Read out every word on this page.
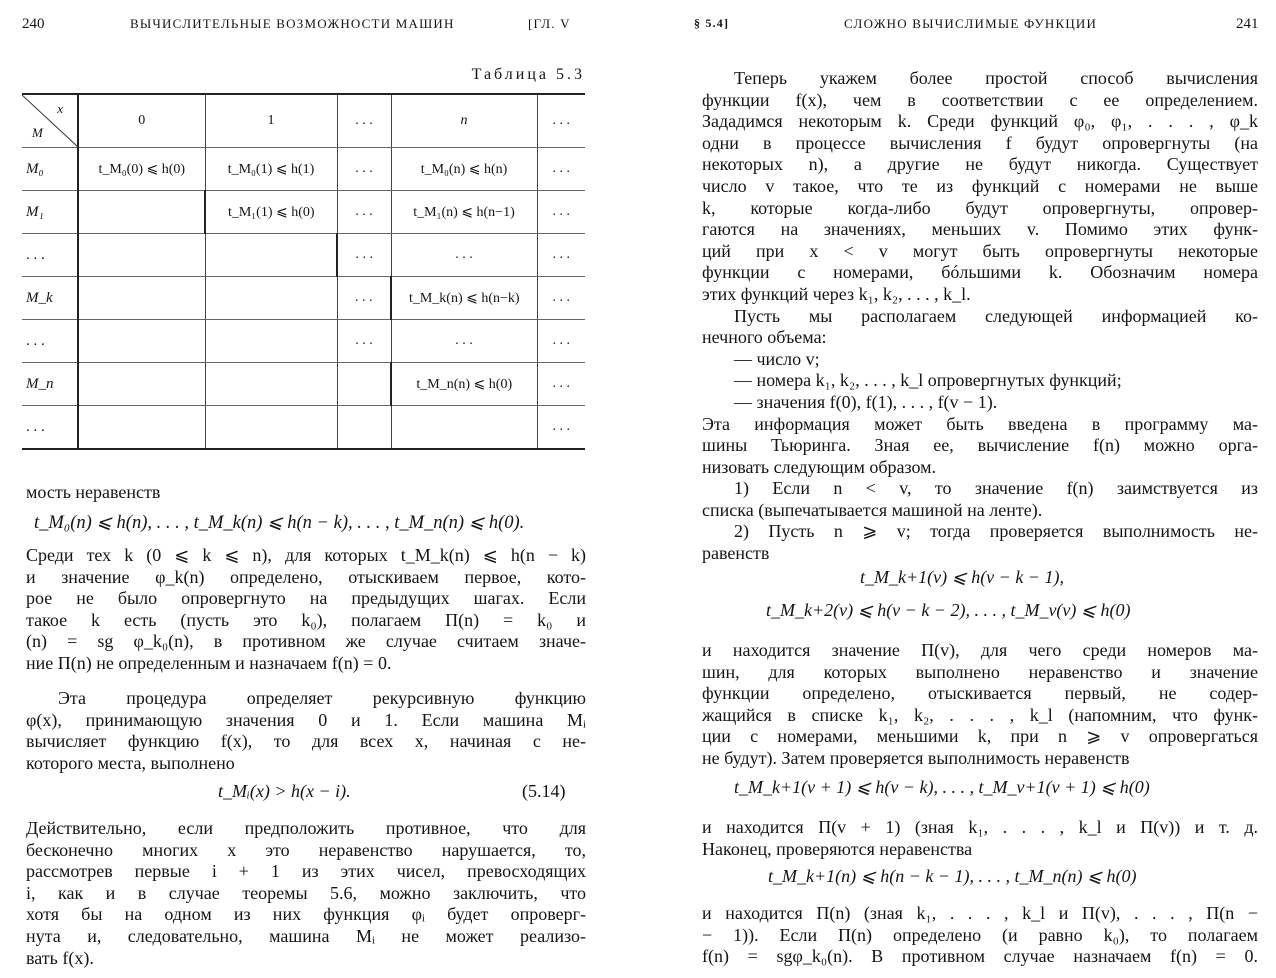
240	ВЫЧИСЛИТЕЛЬНЫЕ ВОЗМОЖНОСТИ МАШИН	[ГЛ. V
Таблица 5.3
x
M	0	1	. . .	n	. . .
M₀	t_M₀(0) ⩽ h(0)	t_M₀(1) ⩽ h(1)	. . .	t_M₀(n) ⩽ h(n)	. . .
M₁		t_M₁(1) ⩽ h(0)	. . .	t_M₁(n) ⩽ h(n−1)	. . .
. . .			. . .	. . .	. . .
M_k			. . .	t_M_k(n) ⩽ h(n−k)	. . .
. . .			. . .	. . .	. . .
M_n				t_M_n(n) ⩽ h(0)	. . .
. . .					. . .
мость неравенств
t_M₀(n) ⩽ h(n), . . . , t_M_k(n) ⩽ h(n − k), . . . , t_M_n(n) ⩽ h(0).
Среди тех k (0 ⩽ k ⩽ n), для которых t_M_k(n) ⩽ h(n − k)
и значение φ_k(n) определено, отыскиваем первое, кото-
рое не было опровергнуто на предыдущих шагах. Если
такое k есть (пусть это k₀), полагаем П(n) = k₀ и
(n) = sg φ_k₀(n), в противном же случае считаем значе-
ние П(n) не определенным и назначаем f(n) = 0.
Эта процедура определяет рекурсивную функцию
φ(x), принимающую значения 0 и 1. Если машина Mᵢ
вычисляет функцию f(x), то для всех x, начиная с не-
которого места, выполнено
t_Mᵢ(x) > h(x − i).	(5.14)
Действительно, если предположить противное, что для
бесконечно многих x это неравенство нарушается, то,
рассмотрев первые i + 1 из этих чисел, превосходящих
i, как и в случае теоремы 5.6, можно заключить, что
хотя бы на одном из них функция φᵢ будет опроверг-
нута и, следовательно, машина Mᵢ не может реализо-
вать f(x).
§ 5.4]	СЛОЖНО ВЫЧИСЛИМЫЕ ФУНКЦИИ	241
Теперь укажем более простой способ вычисления
функции f(x), чем в соответствии с ее определением.
Зададимся некоторым k. Среди функций φ₀, φ₁, . . . , φ_k
одни в процессе вычисления f будут опровергнуты (на
некоторых n), а другие не будут никогда. Существует
число v такое, что те из функций с номерами не выше
k, которые когда-либо будут опровергнуты, опровер-
гаются на значениях, меньших v. Помимо этих функ-
ций при x < v могут быть опровергнуты некоторые
функции с номерами, бóльшими k. Обозначим номера
этих функций через k₁, k₂, . . . , k_l.
Пусть мы располагаем следующей информацией ко-
нечного объема:
— число v;
— номера k₁, k₂, . . . , k_l опровергнутых функций;
— значения f(0), f(1), . . . , f(v − 1).
Эта информация может быть введена в программу ма-
шины Тьюринга. Зная ее, вычисление f(n) можно орга-
низовать следующим образом.
1) Если n < v, то значение f(n) заимствуется из
списка (выпечатывается машиной на ленте).
2) Пусть n ⩾ v; тогда проверяется выполнимость не-
равенств
t_M_k+1(v) ⩽ h(v − k − 1),
t_M_k+2(v) ⩽ h(v − k − 2), . . . , t_M_v(v) ⩽ h(0)
и находится значение П(v), для чего среди номеров ма-
шин, для которых выполнено неравенство и значение
функции определено, отыскивается первый, не содер-
жащийся в списке k₁, k₂, . . . , k_l (напомним, что функ-
ции с номерами, меньшими k, при n ⩾ v опровергаться
не будут). Затем проверяется выполнимость неравенств
t_M_k+1(v + 1) ⩽ h(v − k), . . . , t_M_v+1(v + 1) ⩽ h(0)
и находится П(v + 1) (зная k₁, . . . , k_l и П(v)) и т. д.
Наконец, проверяются неравенства
t_M_k+1(n) ⩽ h(n − k − 1), . . . , t_M_n(n) ⩽ h(0)
и находится П(n) (зная k₁, . . . , k_l и П(v), . . . , П(n −
− 1)). Если П(n) определено (и равно k₀), то полагаем
f(n) = sgφ_k₀(n). В противном случае назначаем f(n) = 0.
